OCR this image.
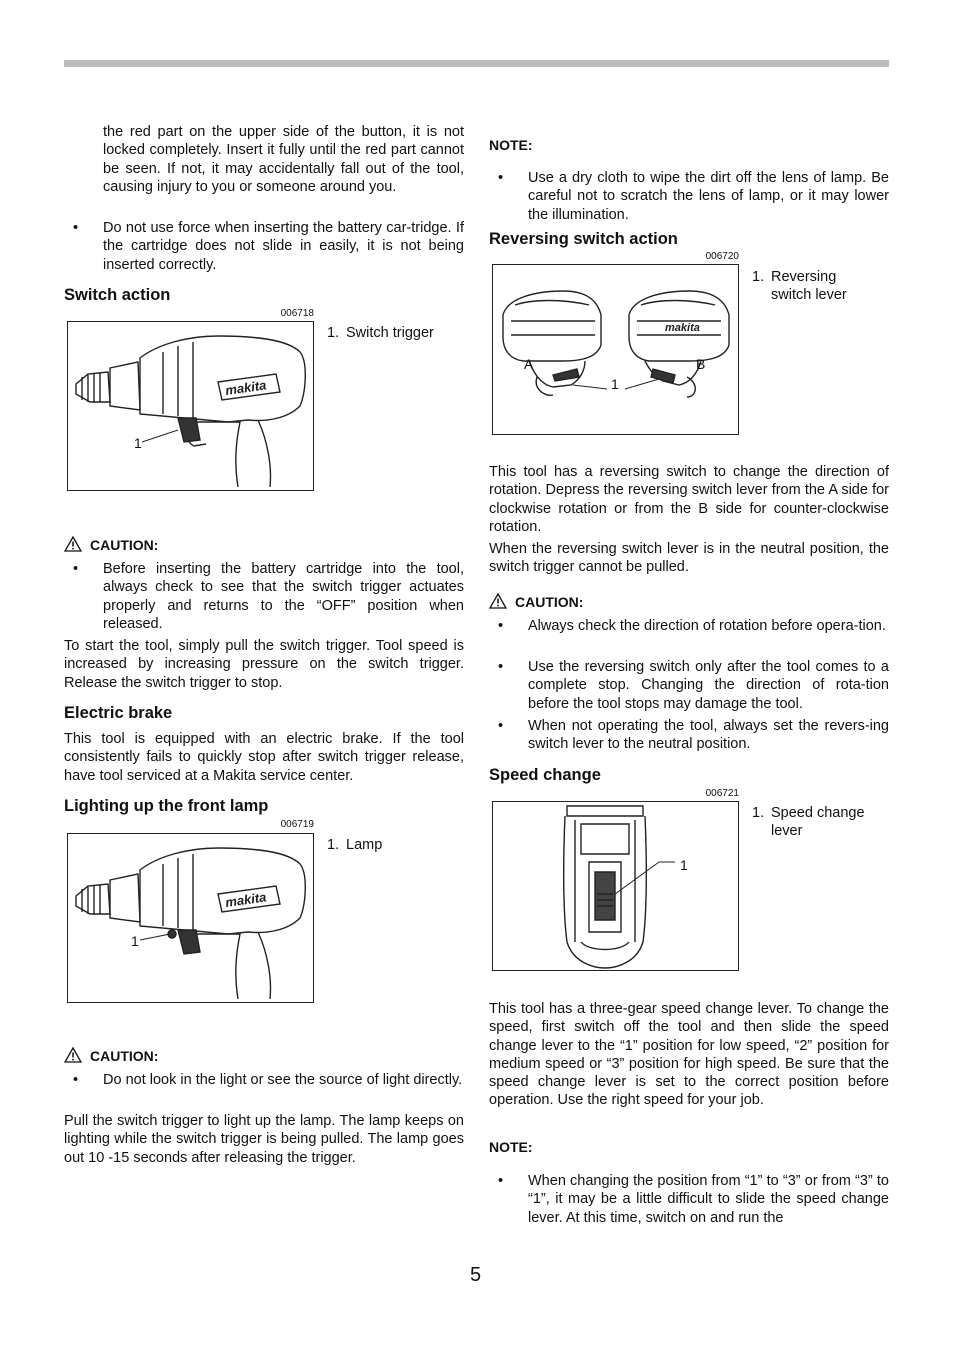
the red part on the upper side of the button, it is not locked completely. Insert it fully until the red part cannot be seen. If not, it may accidentally fall out of the tool, causing injury to you or someone around you.

• Do not use force when inserting the battery car-tridge. If the cartridge does not slide in easily, it is not being inserted correctly.

Switch action
006718
makita
1
1. Switch trigger
CAUTION:

• Before inserting the battery cartridge into the tool, always check to see that the switch trigger actuates properly and returns to the “OFF” position when released.

To start the tool, simply pull the switch trigger. Tool speed is increased by increasing pressure on the switch trigger. Release the switch trigger to stop.

Electric brake

This tool is equipped with an electric brake. If the tool consistently fails to quickly stop after switch trigger release, have tool serviced at a Makita service center.

Lighting up the front lamp
006719
makita
1
1. Lamp
CAUTION:

• Do not look in the light or see the source of light directly.

Pull the switch trigger to light up the lamp. The lamp keeps on lighting while the switch trigger is being pulled. The lamp goes out 10 -15 seconds after releasing the trigger.

NOTE:

• Use a dry cloth to wipe the dirt off the lens of lamp. Be careful not to scratch the lens of lamp, or it may lower the illumination.

Reversing switch action
006720
makita
A	B
1
1. Reversing
switch lever

This tool has a reversing switch to change the direction of rotation. Depress the reversing switch lever from the A side for clockwise rotation or from the B side for counter-clockwise rotation.

When the reversing switch lever is in the neutral position, the switch trigger cannot be pulled.

CAUTION:

• Always check the direction of rotation before opera-tion.

• Use the reversing switch only after the tool comes to a complete stop. Changing the direction of rota-tion before the tool stops may damage the tool.

• When not operating the tool, always set the revers-ing switch lever to the neutral position.

Speed change
006721
1
1. Speed change
lever

This tool has a three-gear speed change lever. To change the speed, first switch off the tool and then slide the speed change lever to the “1” position for low speed, “2” position for medium speed or “3” position for high speed. Be sure that the speed change lever is set to the correct position before operation. Use the right speed for your job.

NOTE:

• When changing the position from “1” to “3” or from “3” to “1”, it may be a little difficult to slide the speed change lever. At this time, switch on and run the

5
